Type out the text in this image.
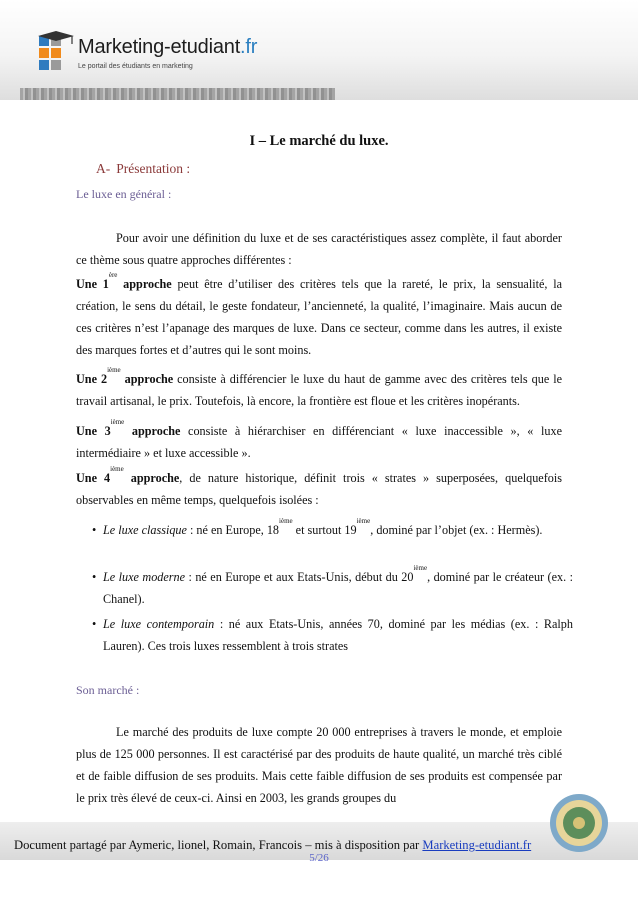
Marketing-etudiant.fr
Le portail des étudiants en marketing
I – Le marché du luxe.
A- Présentation :
Le luxe en général :
Pour avoir une définition du luxe et de ses caractéristiques assez complète, il faut aborder ce thème sous quatre approches différentes :
Une 1ère approche peut être d’utiliser des critères tels que la rareté, le prix, la sensualité, la création, le sens du détail, le geste fondateur, l’ancienneté, la qualité, l’imaginaire. Mais aucun de ces critères n’est l’apanage des marques de luxe. Dans ce secteur, comme dans les autres, il existe des marques fortes et d’autres qui le sont moins.
Une 2ième approche consiste à différencier le luxe du haut de gamme avec des critères tels que le travail artisanal, le prix. Toutefois, là encore, la frontière est floue et les critères inopérants.
Une 3ième approche consiste à hiérarchiser en différenciant « luxe inaccessible », « luxe intermédiaire » et luxe accessible ».
Une 4ième approche, de nature historique, définit trois « strates » superposées, quelquefois observables en même temps, quelquefois isolées :
• Le luxe classique : né en Europe, 18ième et surtout 19ième, dominé par l’objet (ex. : Hermès).
• Le luxe moderne : né en Europe et aux Etats-Unis, début du 20ième, dominé par le créateur (ex. : Chanel).
• Le luxe contemporain : né aux Etats-Unis, années 70, dominé par les médias (ex. : Ralph Lauren). Ces trois luxes ressemblent à trois strates
Son marché :
Le marché des produits de luxe compte 20 000 entreprises à travers le monde, et emploie plus de 125 000 personnes. Il est caractérisé par des produits de haute qualité, un marché très ciblé et de faible diffusion de ses produits. Mais cette faible diffusion de ses produits est compensée par le prix très élevé de ceux-ci. Ainsi en 2003, les grands groupes du
Document partagé par Aymeric, lionel, Romain, Francois – mis à disposition par Marketing-etudiant.fr
5/26
